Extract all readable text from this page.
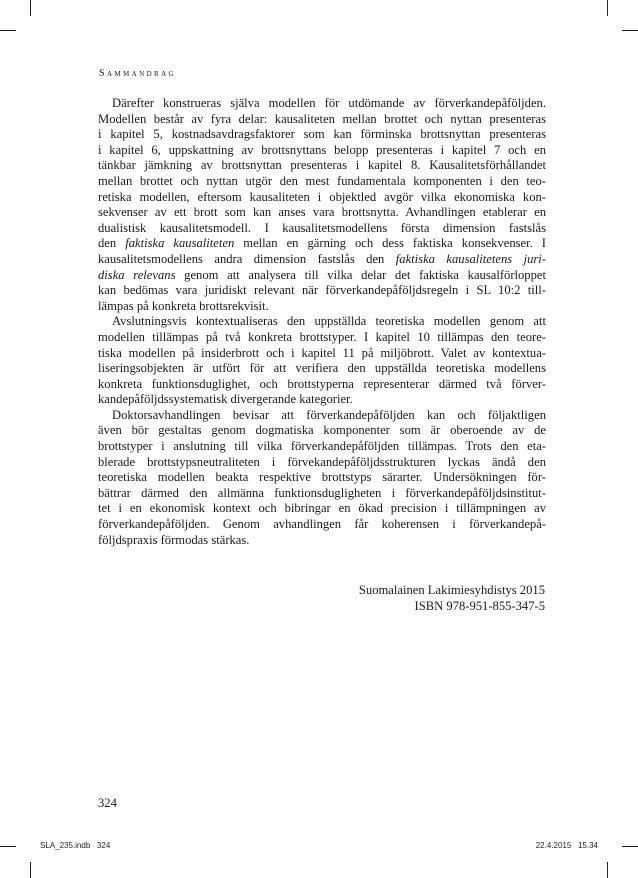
Sammandrag
Därefter konstrueras själva modellen för utdömande av förverkandepåföljden.
Modellen består av fyra delar: kausaliteten mellan brottet och nyttan presenteras
i kapitel 5, kostnadsavdragsfaktorer som kan förminska brottsnyttan presenteras
i kapitel 6, uppskattning av brottsnyttans belopp presenteras i kapitel 7 och en
tänkbar jämkning av brottsnyttan presenteras i kapitel 8. Kausalitetsförhållandet
mellan brottet och nyttan utgör den mest fundamentala komponenten i den teo-
retiska modellen, eftersom kausaliteten i objektled avgör vilka ekonomiska kon-
sekvenser av ett brott som kan anses vara brottsnytta. Avhandlingen etablerar en
dualistisk kausalitetsmodell. I kausalitetsmodellens första dimension fastslås
den faktiska kausaliteten mellan en gärning och dess faktiska konsekvenser. I
kausalitetsmodellens andra dimension fastslås den faktiska kausalitetens juri-
diska relevans genom att analysera till vilka delar det faktiska kausalförloppet
kan bedömas vara juridiskt relevant när förverkandepåföljdsregeln i SL 10:2 till-
lämpas på konkreta brottsrekvisit.
Avslutningsvis kontextualiseras den uppställda teoretiska modellen genom att
modellen tillämpas på två konkreta brottstyper. I kapitel 10 tillämpas den teore-
tiska modellen på insiderbrott och i kapitel 11 på miljöbrott. Valet av kontextua-
liseringsobjekten är utfört för att verifiera den uppställda teoretiska modellens
konkreta funktionsduglighet, och brottstyperna representerar därmed två förver-
kandepåföljdssystematisk divergerande kategorier.
Doktorsavhandlingen bevisar att förverkandepåföljden kan och följaktligen
även bör gestaltas genom dogmatiska komponenter som är oberoende av de
brottstyper i anslutning till vilka förverkandepåföljden tillämpas. Trots den eta-
blerade brottstypsneutraliteten i förvekandepåföljdsstrukturen lyckas ändå den
teoretiska modellen beakta respektive brottstyps särarter. Undersökningen för-
bättrar därmed den allmänna funktionsdugligheten i förverkandepåföljdsinstitut-
tet i en ekonomisk kontext och bibringar en ökad precision i tillämpningen av
förverkandepåföljden. Genom avhandlingen får koherensen i förverkandepå-
följdspraxis förmodas stärkas.
Suomalainen Lakimiesyhdistys 2015
ISBN 978-951-855-347-5
324
SLA_235.indb   324	22.4.2015   15.34
